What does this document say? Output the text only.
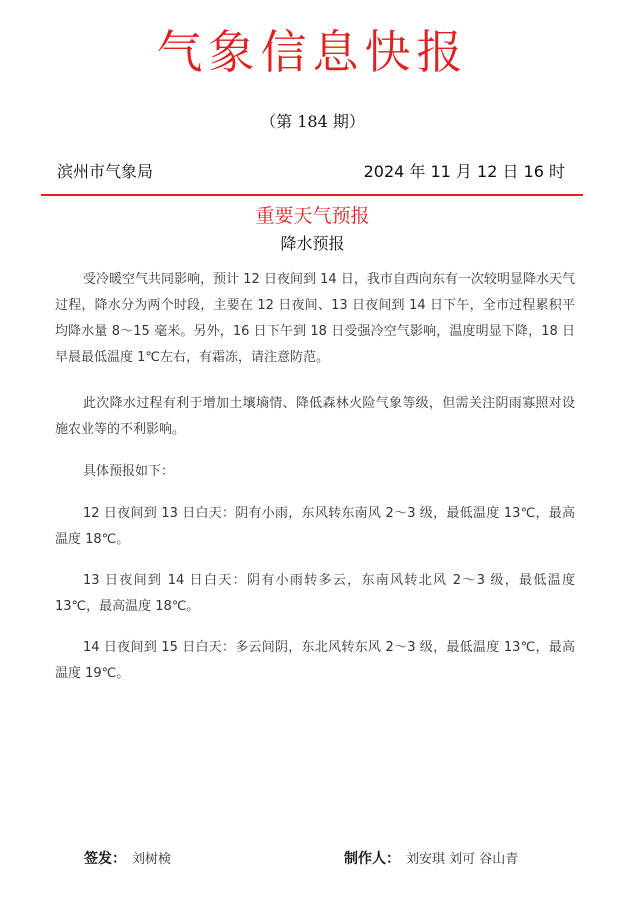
气象信息快报
（第 184 期）
滨州市气象局	2024 年 11 月 12 日 16 时
重要天气预报
降水预报

受冷暖空气共同影响，预计 12 日夜间到 14 日，我市自西向东有一次较明显降水天气过程，降水分为两个时段，主要在 12 日夜间、13 日夜间到 14 日下午，全市过程累积平均降水量 8～15 毫米。另外，16 日下午到 18 日受强冷空气影响，温度明显下降，18 日早晨最低温度 1℃左右，有霜冻，请注意防范。

此次降水过程有利于增加土壤墒情、降低森林火险气象等级，但需关注阴雨寡照对设施农业等的不利影响。

具体预报如下：

12 日夜间到 13 日白天：阴有小雨，东风转东南风 2～3 级，最低温度 13℃，最高温度 18℃。

13 日夜间到 14 日白天：阴有小雨转多云，东南风转北风 2～3 级，最低温度 13℃，最高温度 18℃。

14 日夜间到 15 日白天：多云间阴，东北风转东风 2～3 级，最低温度 13℃，最高温度 19℃。

签发： 刘树検	制作人： 刘安琪 刘可 谷山青
